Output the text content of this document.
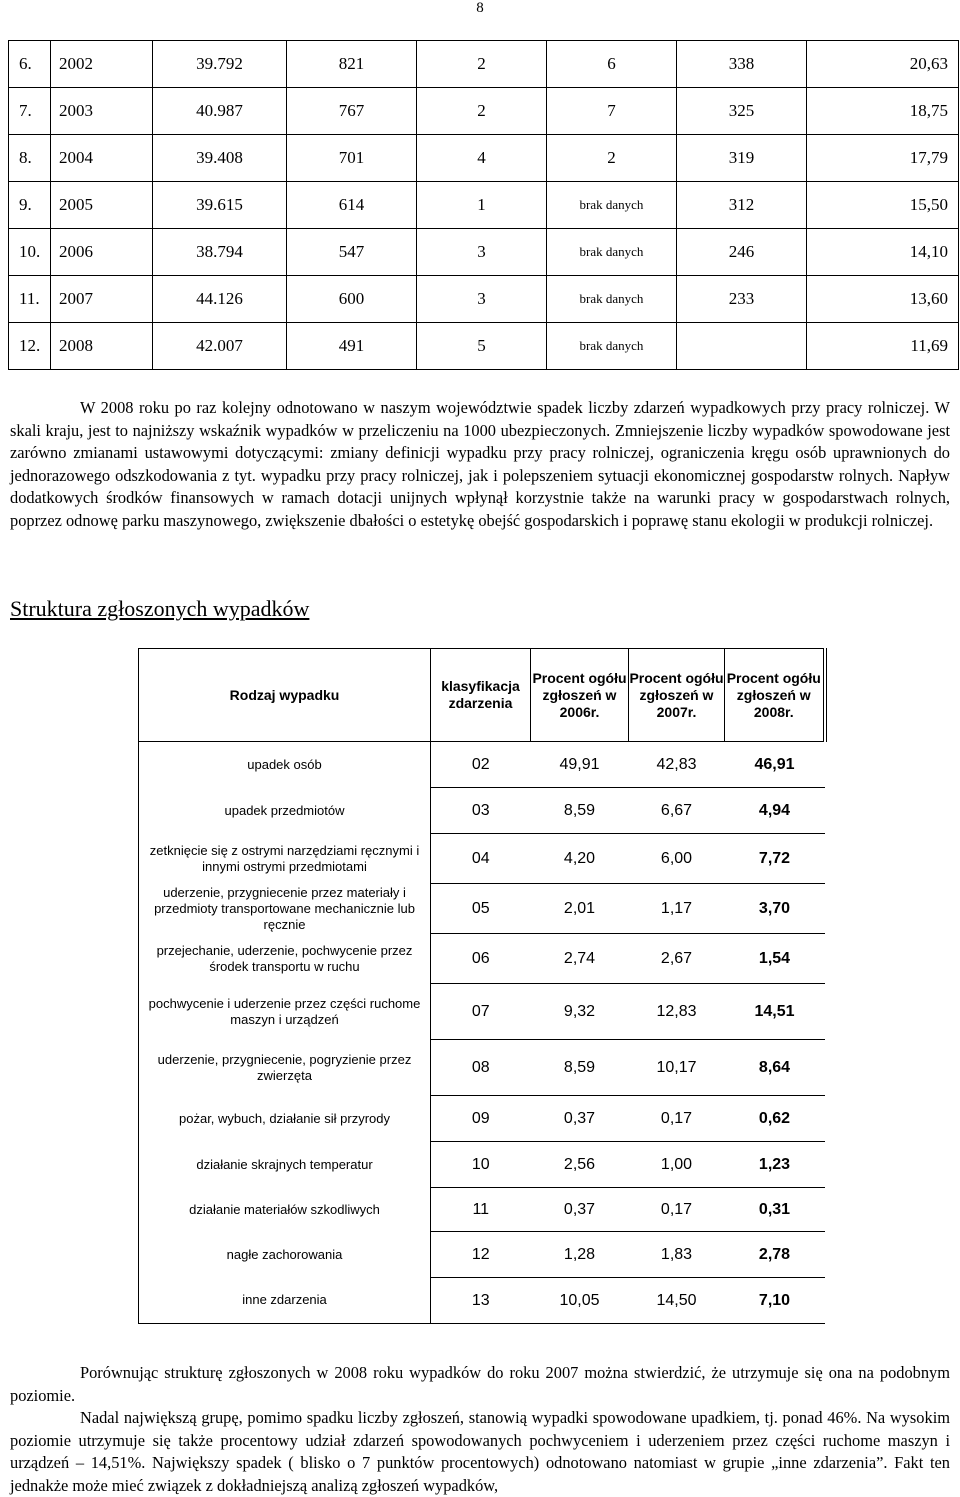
8
6.	2002	39.792	821	2	6	338	20,63
7.	2003	40.987	767	2	7	325	18,75
8.	2004	39.408	701	4	2	319	17,79
9.	2005	39.615	614	1	brak danych	312	15,50
10.	2006	38.794	547	3	brak danych	246	14,10
11.	2007	44.126	600	3	brak danych	233	13,60
12.	2008	42.007	491	5	brak danych		11,69

W 2008 roku po raz kolejny odnotowano w naszym województwie spadek liczby zdarzeń wypadkowych przy pracy rolniczej. W skali kraju, jest to najniższy wskaźnik wypadków w przeliczeniu na 1000 ubezpieczonych. Zmniejszenie liczby wypadków spowodowane jest zarówno zmianami ustawowymi dotyczącymi: zmiany definicji wypadku przy pracy rolniczej, ograniczenia kręgu osób uprawnionych do jednorazowego odszkodowania z tyt. wypadku przy pracy rolniczej, jak i polepszeniem sytuacji ekonomicznej gospodarstw rolnych. Napływ dodatkowych środków finansowych w ramach dotacji unijnych wpłynął korzystnie także na warunki pracy w gospodarstwach rolnych, poprzez odnowę parku maszynowego, zwiększenie dbałości o estetykę obejść gospodarskich i poprawę stanu ekologii w produkcji rolniczej.

Struktura zgłoszonych wypadków
Rodzaj wypadku	klasyfikacja zdarzenia	Procent ogółu zgłoszeń w 2006r.	Procent ogółu zgłoszeń w 2007r.	Procent ogółu zgłoszeń w 2008r.
upadek osób	02	49,91	42,83	46,91
upadek przedmiotów	03	8,59	6,67	4,94
zetknięcie się z ostrymi narzędziami ręcznymi i innymi ostrymi przedmiotami	04	4,20	6,00	7,72
uderzenie, przygniecenie przez materiały i przedmioty transportowane mechanicznie lub ręcznie	05	2,01	1,17	3,70
przejechanie, uderzenie, pochwycenie przez środek transportu w ruchu	06	2,74	2,67	1,54
pochwycenie i uderzenie przez części ruchome maszyn i urządzeń	07	9,32	12,83	14,51
uderzenie, przygniecenie, pogryzienie przez zwierzęta	08	8,59	10,17	8,64
pożar, wybuch, działanie sił przyrody	09	0,37	0,17	0,62
działanie skrajnych temperatur	10	2,56	1,00	1,23
działanie materiałów szkodliwych	11	0,37	0,17	0,31
nagłe zachorowania	12	1,28	1,83	2,78
inne zdarzenia	13	10,05	14,50	7,10

Porównując strukturę zgłoszonych w 2008 roku wypadków do roku 2007 można stwierdzić, że utrzymuje się ona na podobnym poziomie.

Nadal największą grupę, pomimo spadku liczby zgłoszeń, stanowią wypadki spowodowane upadkiem, tj. ponad 46%. Na wysokim poziomie utrzymuje się także procentowy udział zdarzeń spowodowanych pochwyceniem i uderzeniem przez części ruchome maszyn i urządzeń – 14,51%. Największy spadek ( blisko o 7 punktów procentowych) odnotowano natomiast w grupie „inne zdarzenia”. Fakt ten jednakże może mieć związek z dokładniejszą analizą zgłoszeń wypadków,
